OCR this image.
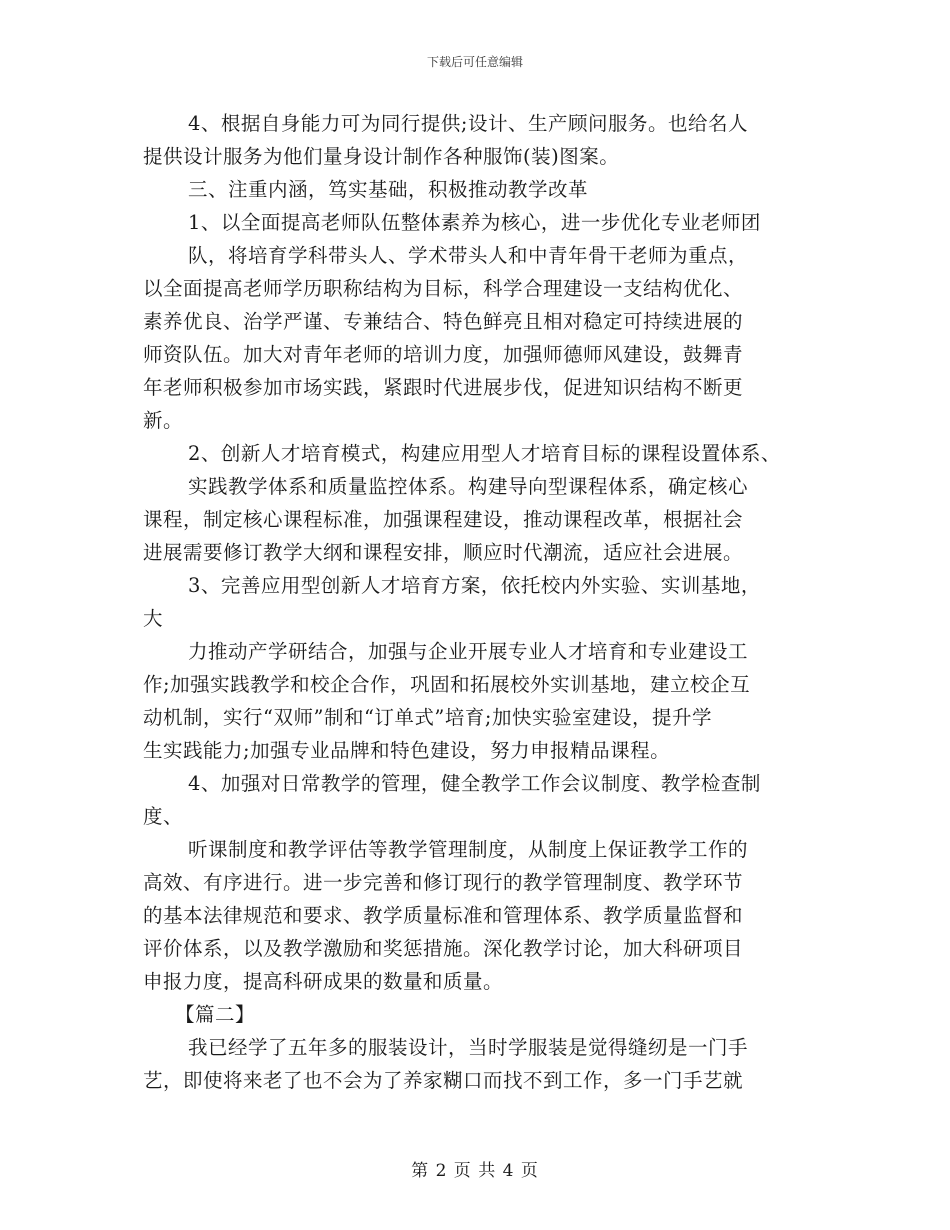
下载后可任意编辑
4、根据自身能力可为同行提供;设计、生产顾问服务。也给名人
提供设计服务为他们量身设计制作各种服饰(装)图案。
三、注重内涵，笃实基础，积极推动教学改革
1、以全面提高老师队伍整体素养为核心，进一步优化专业老师团
队，将培育学科带头人、学术带头人和中青年骨干老师为重点，
以全面提高老师学历职称结构为目标，科学合理建设一支结构优化、
素养优良、治学严谨、专兼结合、特色鲜亮且相对稳定可持续进展的
师资队伍。加大对青年老师的培训力度，加强师德师风建设，鼓舞青
年老师积极参加市场实践，紧跟时代进展步伐，促进知识结构不断更
新。
2、创新人才培育模式，构建应用型人才培育目标的课程设置体系、
实践教学体系和质量监控体系。构建导向型课程体系，确定核心
课程，制定核心课程标准，加强课程建设，推动课程改革，根据社会
进展需要修订教学大纲和课程安排，顺应时代潮流，适应社会进展。
3、完善应用型创新人才培育方案，依托校内外实验、实训基地，
大
力推动产学研结合，加强与企业开展专业人才培育和专业建设工
作;加强实践教学和校企合作，巩固和拓展校外实训基地，建立校企互
动机制，实行“双师”制和“订单式”培育;加快实验室建设，提升学
生实践能力;加强专业品牌和特色建设，努力申报精品课程。
4、加强对日常教学的管理，健全教学工作会议制度、教学检查制
度、
听课制度和教学评估等教学管理制度，从制度上保证教学工作的
高效、有序进行。进一步完善和修订现行的教学管理制度、教学环节
的基本法律规范和要求、教学质量标准和管理体系、教学质量监督和
评价体系，以及教学激励和奖惩措施。深化教学讨论，加大科研项目
申报力度，提高科研成果的数量和质量。
【篇二】
我已经学了五年多的服装设计，当时学服装是觉得缝纫是一门手
艺，即使将来老了也不会为了养家糊口而找不到工作，多一门手艺就
第 2 页 共 4 页
